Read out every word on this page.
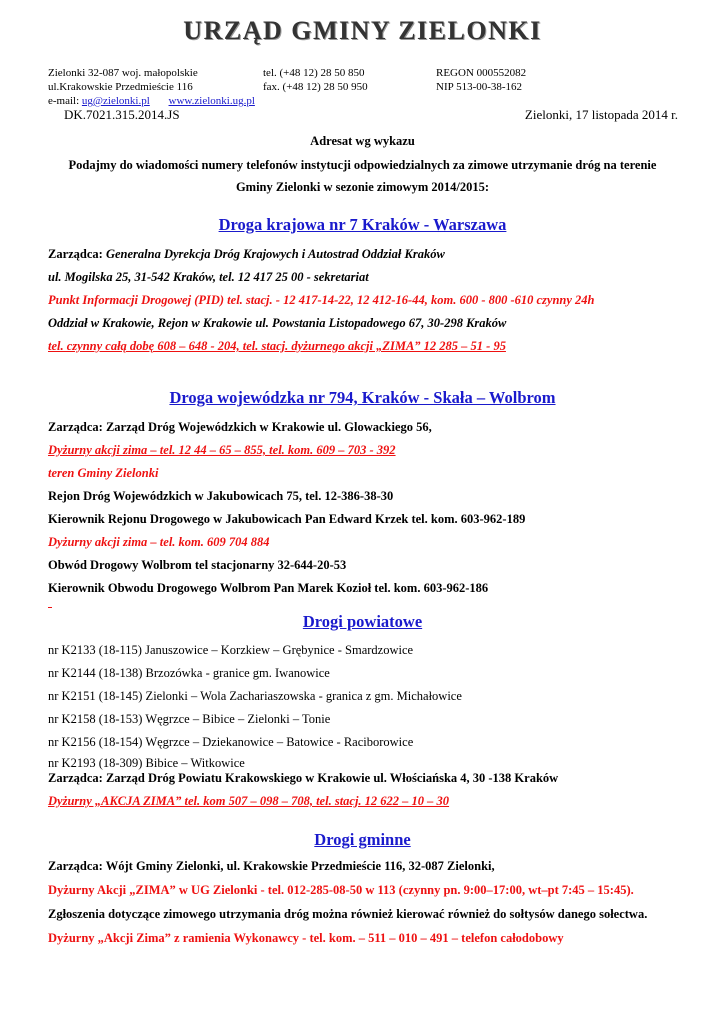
URZĄD GMINY ZIELONKI
Zielonki 32-087 woj. małopolskie
ul.Krakowskie Przedmieście 116
e-mail: ug@zielonki.pl www.zielonki.ug.pl
tel. (+48 12) 28 50 850
fax. (+48 12) 28 50 950
REGON 000552082
NIP 513-00-38-162
DK.7021.315.2014.JS	Zielonki, 17 listopada 2014 r.
Adresat wg wykazu
Podajmy do wiadomości numery telefonów instytucji odpowiedzialnych za zimowe utrzymanie dróg na terenie
Gminy Zielonki w sezonie zimowym 2014/2015:
Droga krajowa nr 7 Kraków - Warszawa
Zarządca: Generalna Dyrekcja Dróg Krajowych i Autostrad Oddział Kraków
ul. Mogilska 25, 31-542 Kraków, tel. 12 417 25 00 - sekretariat
Punkt Informacji Drogowej (PID) tel. stacj. - 12 417-14-22, 12 412-16-44, kom. 600 - 800 -610 czynny 24h
Oddział w Krakowie, Rejon w Krakowie ul. Powstania Listopadowego 67, 30-298 Kraków
tel. czynny całą dobę 608 – 648 - 204, tel. stacj. dyżurnego akcji „ZIMA” 12 285 – 51 - 95
Droga wojewódzka nr 794, Kraków - Skała – Wolbrom
Zarządca: Zarząd Dróg Wojewódzkich w Krakowie ul. Glowackiego 56,
Dyżurny akcji zima – tel. 12 44 – 65 – 855, tel. kom. 609 – 703 - 392
teren Gminy Zielonki
Rejon Dróg Wojewódzkich w Jakubowicach 75, tel. 12-386-38-30
Kierownik Rejonu Drogowego w Jakubowicach Pan Edward Krzek tel. kom. 603-962-189
Dyżurny akcji zima – tel. kom. 609 704 884
Obwód Drogowy Wolbrom tel stacjonarny 32-644-20-53
Kierownik Obwodu Drogowego Wolbrom Pan Marek Kozioł tel. kom. 603-962-186
Drogi powiatowe
nr K2133 (18-115) Januszowice – Korzkiew – Grębynice - Smardzowice
nr K2144 (18-138) Brzozówka - granice gm. Iwanowice
nr K2151 (18-145) Zielonki – Wola Zachariaszowska - granica z gm. Michałowice
nr K2158 (18-153) Węgrzce – Bibice – Zielonki – Tonie
nr K2156 (18-154) Węgrzce – Dziekanowice – Batowice - Raciborowice
nr K2193 (18-309) Bibice – Witkowice
Zarządca: Zarząd Dróg Powiatu Krakowskiego w Krakowie ul. Włościańska 4, 30 -138 Kraków
Dyżurny „AKCJA ZIMA” tel. kom 507 – 098 – 708, tel. stacj. 12 622 – 10 – 30
Drogi gminne
Zarządca: Wójt Gminy Zielonki, ul. Krakowskie Przedmieście 116, 32-087 Zielonki,
Dyżurny Akcji „ZIMA” w UG Zielonki - tel. 012-285-08-50 w 113 (czynny pn. 9:00–17:00, wt–pt 7:45 – 15:45).
Zgłoszenia dotyczące zimowego utrzymania dróg można również kierować również do sołtysów danego sołectwa.
Dyżurny „Akcji Zima” z ramienia Wykonawcy - tel. kom. – 511 – 010 – 491 – telefon całodobowy
